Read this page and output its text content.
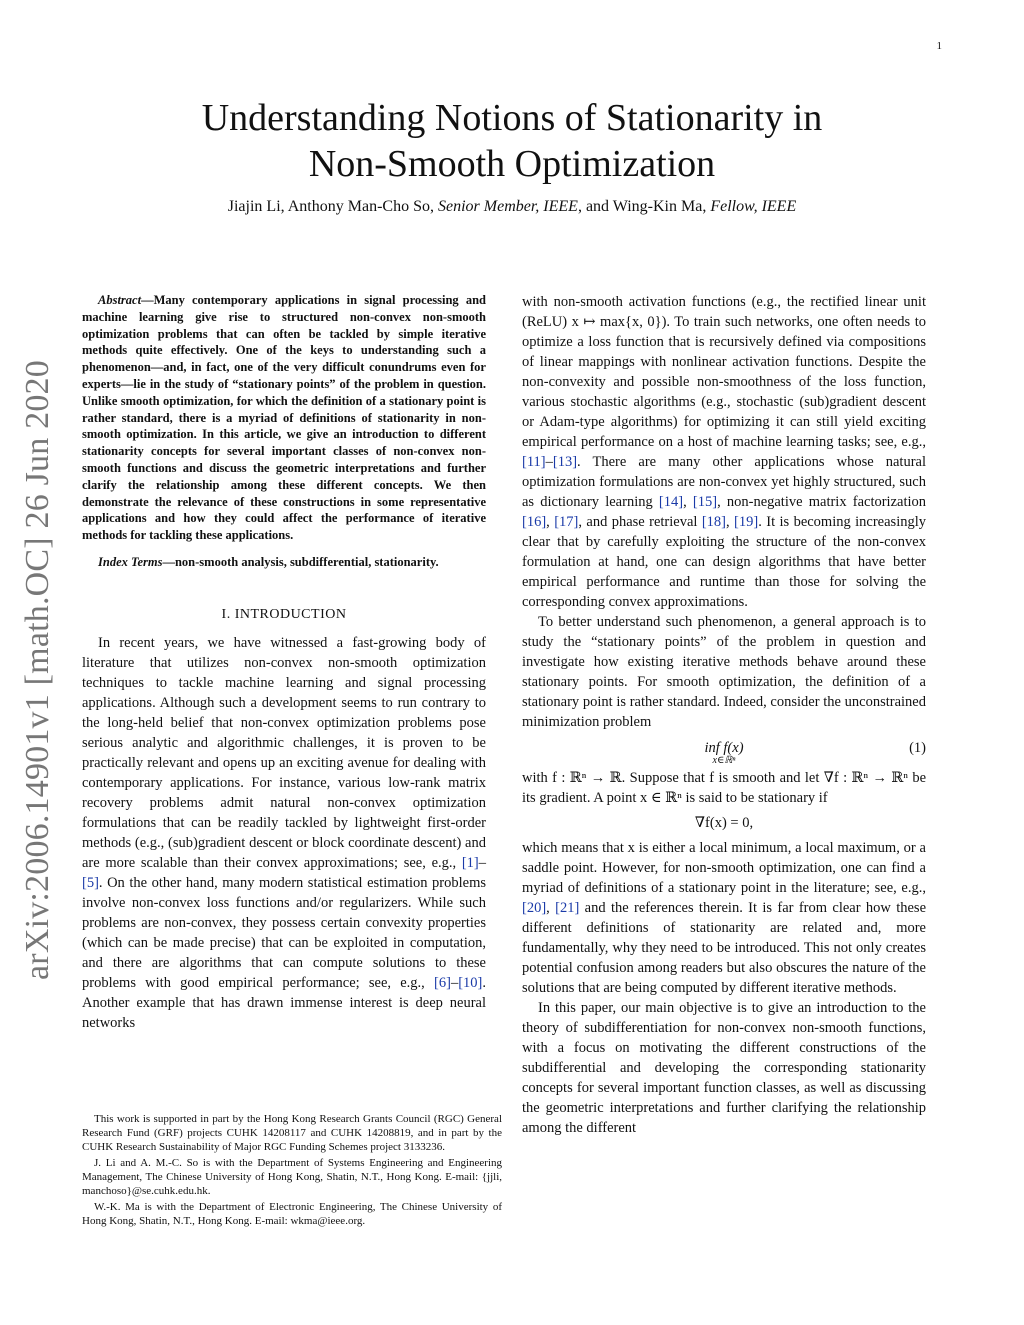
1
arXiv:2006.14901v1 [math.OC] 26 Jun 2020
Understanding Notions of Stationarity in
Non-Smooth Optimization
Jiajin Li, Anthony Man-Cho So, Senior Member, IEEE, and Wing-Kin Ma, Fellow, IEEE

Abstract—Many contemporary applications in signal processing and machine learning give rise to structured non-convex non-smooth optimization problems that can often be tackled by simple iterative methods quite effectively. One of the keys to understanding such a phenomenon—and, in fact, one of the very difficult conundrums even for experts—lie in the study of “stationary points” of the problem in question. Unlike smooth optimization, for which the definition of a stationary point is rather standard, there is a myriad of definitions of stationarity in non-smooth optimization. In this article, we give an introduction to different stationarity concepts for several important classes of non-convex non-smooth functions and discuss the geometric interpretations and further clarify the relationship among these different concepts. We then demonstrate the relevance of these constructions in some representative applications and how they could affect the performance of iterative methods for tackling these applications.

Index Terms—non-smooth analysis, subdifferential, stationarity.

I. INTRODUCTION

In recent years, we have witnessed a fast-growing body of literature that utilizes non-convex non-smooth optimization techniques to tackle machine learning and signal processing applications. Although such a development seems to run contrary to the long-held belief that non-convex optimization problems pose serious analytic and algorithmic challenges, it is proven to be practically relevant and opens up an exciting avenue for dealing with contemporary applications. For instance, various low-rank matrix recovery problems admit natural non-convex optimization formulations that can be readily tackled by lightweight first-order methods (e.g., (sub)gradient descent or block coordinate descent) and are more scalable than their convex approximations; see, e.g., [1]–[5]. On the other hand, many modern statistical estimation problems involve non-convex loss functions and/or regularizers. While such problems are non-convex, they possess certain convexity properties (which can be made precise) that can be exploited in computation, and there are algorithms that can compute solutions to these problems with good empirical performance; see, e.g., [6]–[10]. Another example that has drawn immense interest is deep neural networks

This work is supported in part by the Hong Kong Research Grants Council (RGC) General Research Fund (GRF) projects CUHK 14208117 and CUHK 14208819, and in part by the CUHK Research Sustainability of Major RGC Funding Schemes project 3133236.

J. Li and A. M.-C. So is with the Department of Systems Engineering and Engineering Management, The Chinese University of Hong Kong, Shatin, N.T., Hong Kong. E-mail: {jjli, manchoso}@se.cuhk.edu.hk.

W.-K. Ma is with the Department of Electronic Engineering, The Chinese University of Hong Kong, Shatin, N.T., Hong Kong. E-mail: wkma@ieee.org.

with non-smooth activation functions (e.g., the rectified linear unit (ReLU) x ↦ max{x, 0}). To train such networks, one often needs to optimize a loss function that is recursively defined via compositions of linear mappings with nonlinear activation functions. Despite the non-convexity and possible non-smoothness of the loss function, various stochastic algorithms (e.g., stochastic (sub)gradient descent or Adam-type algorithms) for optimizing it can still yield exciting empirical performance on a host of machine learning tasks; see, e.g., [11]–[13]. There are many other applications whose natural optimization formulations are non-convex yet highly structured, such as dictionary learning [14], [15], non-negative matrix factorization [16], [17], and phase retrieval [18], [19]. It is becoming increasingly clear that by carefully exploiting the structure of the non-convex formulation at hand, one can design algorithms that have better empirical performance and runtime than those for solving the corresponding convex approximations.

To better understand such phenomenon, a general approach is to study the “stationary points” of the problem in question and investigate how existing iterative methods behave around these stationary points. For smooth optimization, the definition of a stationary point is rather standard. Indeed, consider the unconstrained minimization problem

inf f(x)
x∈ℝⁿ
(1)

with f : ℝⁿ → ℝ. Suppose that f is smooth and let ∇f : ℝⁿ → ℝⁿ be its gradient. A point x ∈ ℝⁿ is said to be stationary if

∇f(x) = 0,

which means that x is either a local minimum, a local maximum, or a saddle point. However, for non-smooth optimization, one can find a myriad of definitions of a stationary point in the literature; see, e.g., [20], [21] and the references therein. It is far from clear how these different definitions of stationarity are related and, more fundamentally, why they need to be introduced. This not only creates potential confusion among readers but also obscures the nature of the solutions that are being computed by different iterative methods.

In this paper, our main objective is to give an introduction to the theory of subdifferentiation for non-convex non-smooth functions, with a focus on motivating the different constructions of the subdifferential and developing the corresponding stationarity concepts for several important function classes, as well as discussing the geometric interpretations and further clarifying the relationship among the different
